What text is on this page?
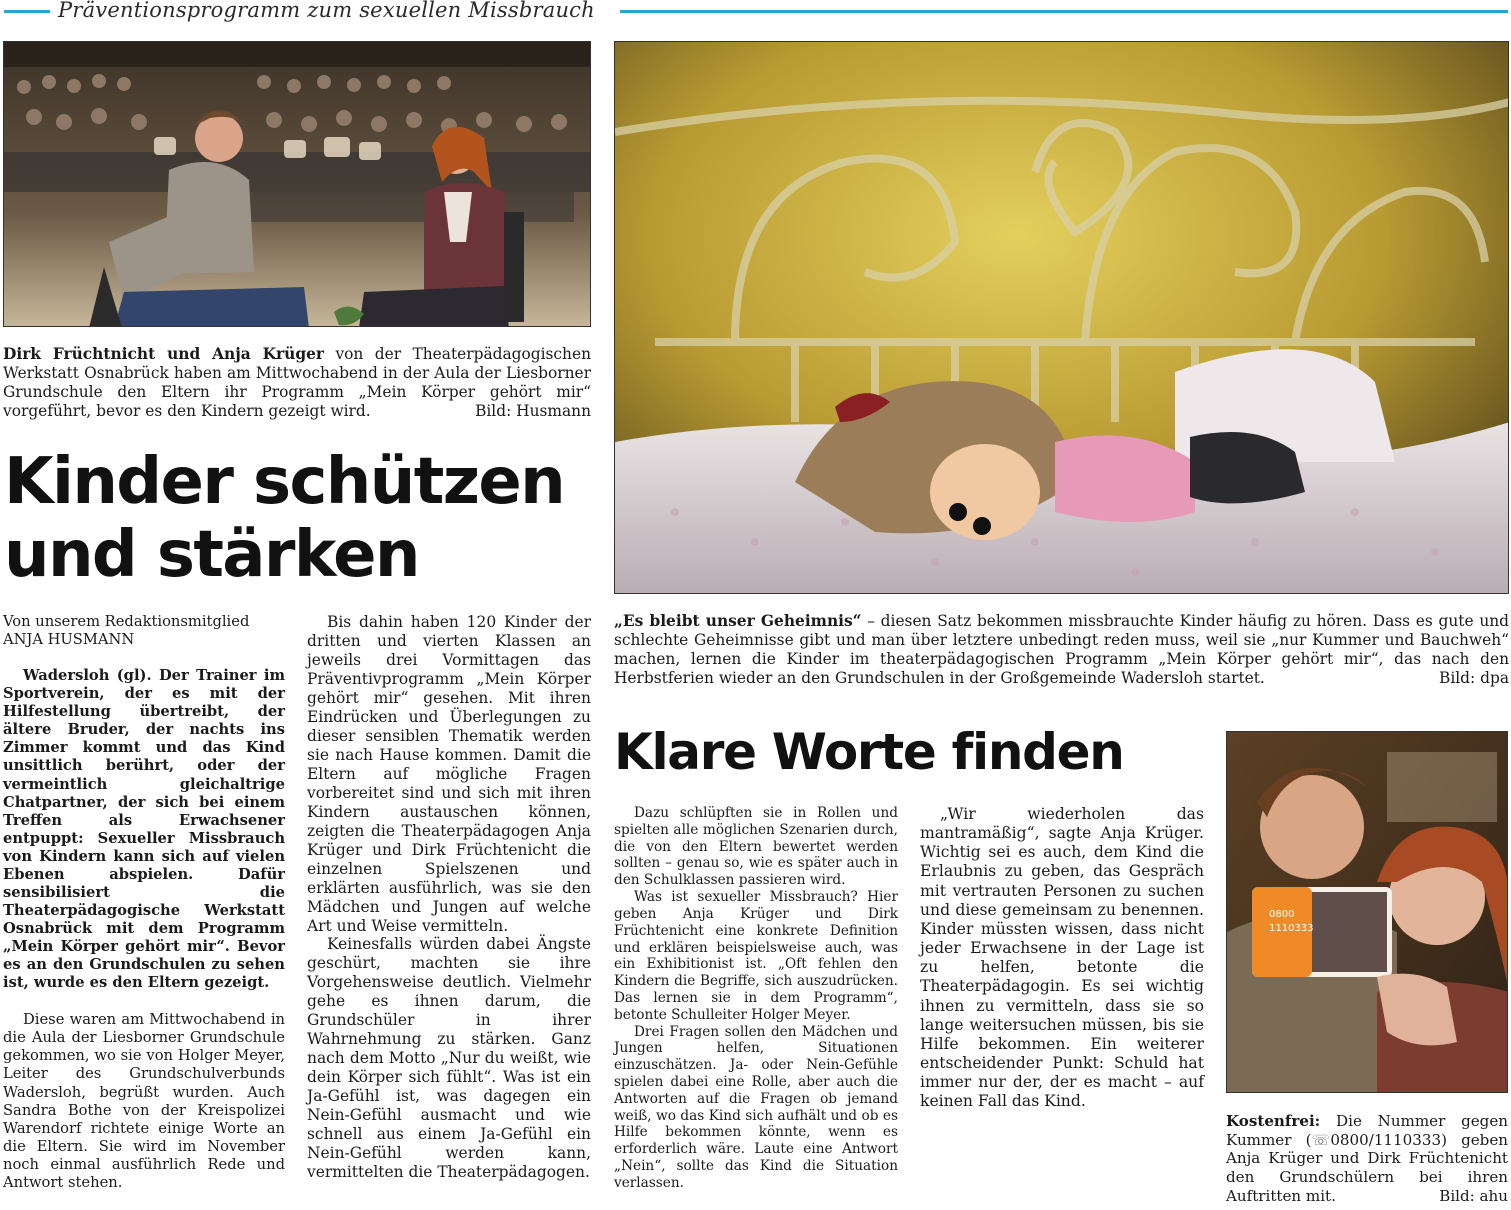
Präventionsprogramm zum sexuellen Missbrauch
Dirk Früchtnicht und Anja Krüger von der Theaterpädagogischen Werkstatt Osnabrück haben am Mittwochabend in der Aula der Liesborner Grundschule den Eltern ihr Programm „Mein Körper gehört mir“ vorgeführt, bevor es den Kindern gezeigt wird.	Bild: Husmann
Kinder schützen
und stärken
„Es bleibt unser Geheimnis“ – diesen Satz bekommen missbrauchte Kinder häufig zu hören. Dass es gute und schlechte Geheimnisse gibt und man über letztere unbedingt reden muss, weil sie „nur Kummer und Bauchweh“ machen, lernen die Kinder im theaterpädagogischen Programm „Mein Körper gehört mir“, das nach den Herbstferien wieder an den Grundschulen in der Großgemeinde Wadersloh startet.	Bild: dpa
Klare Worte finden
0800
1110333
Kostenfrei: Die Nummer gegen Kummer (☏0800/1110333) geben Anja Krüger und Dirk Früchtenicht den Grundschülern bei ihren Auftritten mit.	Bild: ahu

Von unserem Redaktionsmitglied

ANJA HUSMANN

Wadersloh (gl). Der Trainer im Sportverein, der es mit der Hilfestellung übertreibt, der ältere Bruder, der nachts ins Zimmer kommt und das Kind unsittlich berührt, oder der vermeintlich gleichaltrige Chatpartner, der sich bei einem Treffen als Erwachsener entpuppt: Sexueller Missbrauch von Kindern kann sich auf vielen Ebenen abspielen. Dafür sensibilisiert die Theaterpädagogische Werkstatt Osnabrück mit dem Programm „Mein Körper gehört mir“. Bevor es an den Grundschulen zu sehen ist, wurde es den Eltern gezeigt.

Diese waren am Mittwochabend in die Aula der Liesborner Grundschule gekommen, wo sie von Holger Meyer, Leiter des Grundschulverbunds Wadersloh, begrüßt wurden. Auch Sandra Bothe von der Kreispolizei Warendorf richtete einige Worte an die Eltern. Sie wird im November noch einmal ausführlich Rede und Antwort stehen.

Bis dahin haben 120 Kinder der dritten und vierten Klassen an jeweils drei Vormittagen das Präventivprogramm „Mein Körper gehört mir“ gesehen. Mit ihren Eindrücken und Überlegungen zu dieser sensiblen Thematik werden sie nach Hause kommen. Damit die Eltern auf mögliche Fragen vorbereitet sind und sich mit ihren Kindern austauschen können, zeigten die Theaterpädagogen Anja Krüger und Dirk Früchtenicht die einzelnen Spielszenen und erklärten ausführlich, was sie den Mädchen und Jungen auf welche Art und Weise vermitteln.

Keinesfalls würden dabei Ängste geschürt, machten sie ihre Vorgehensweise deutlich. Vielmehr gehe es ihnen darum, die Grundschüler in ihrer Wahrnehmung zu stärken. Ganz nach dem Motto „Nur du weißt, wie dein Körper sich fühlt“. Was ist ein Ja-Gefühl ist, was dagegen ein Nein-Gefühl ausmacht und wie schnell aus einem Ja-Gefühl ein Nein-Gefühl werden kann, vermittelten die Theaterpädagogen.

Dazu schlüpften sie in Rollen und spielten alle möglichen Szenarien durch, die von den Eltern bewertet werden sollten – genau so, wie es später auch in den Schulklassen passieren wird.

Was ist sexueller Missbrauch? Hier geben Anja Krüger und Dirk Früchtenicht eine konkrete Definition und erklären beispielsweise auch, was ein Exhibitionist ist. „Oft fehlen den Kindern die Begriffe, sich auszudrücken. Das lernen sie in dem Programm“, betonte Schulleiter Holger Meyer.

Drei Fragen sollen den Mädchen und Jungen helfen, Situationen einzuschätzen. Ja- oder Nein-Gefühle spielen dabei eine Rolle, aber auch die Antworten auf die Fragen ob jemand weiß, wo das Kind sich aufhält und ob es Hilfe bekommen könnte, wenn es erforderlich wäre. Laute eine Antwort „Nein“, sollte das Kind die Situation verlassen.

„Wir wiederholen das mantramäßig“, sagte Anja Krüger. Wichtig sei es auch, dem Kind die Erlaubnis zu geben, das Gespräch mit vertrauten Personen zu suchen und diese gemeinsam zu benennen. Kinder müssten wissen, dass nicht jeder Erwachsene in der Lage ist zu helfen, betonte die Theaterpädagogin. Es sei wichtig ihnen zu vermitteln, dass sie so lange weitersuchen müssen, bis sie Hilfe bekommen. Ein weiterer entscheidender Punkt: Schuld hat immer nur der, der es macht – auf keinen Fall das Kind.
